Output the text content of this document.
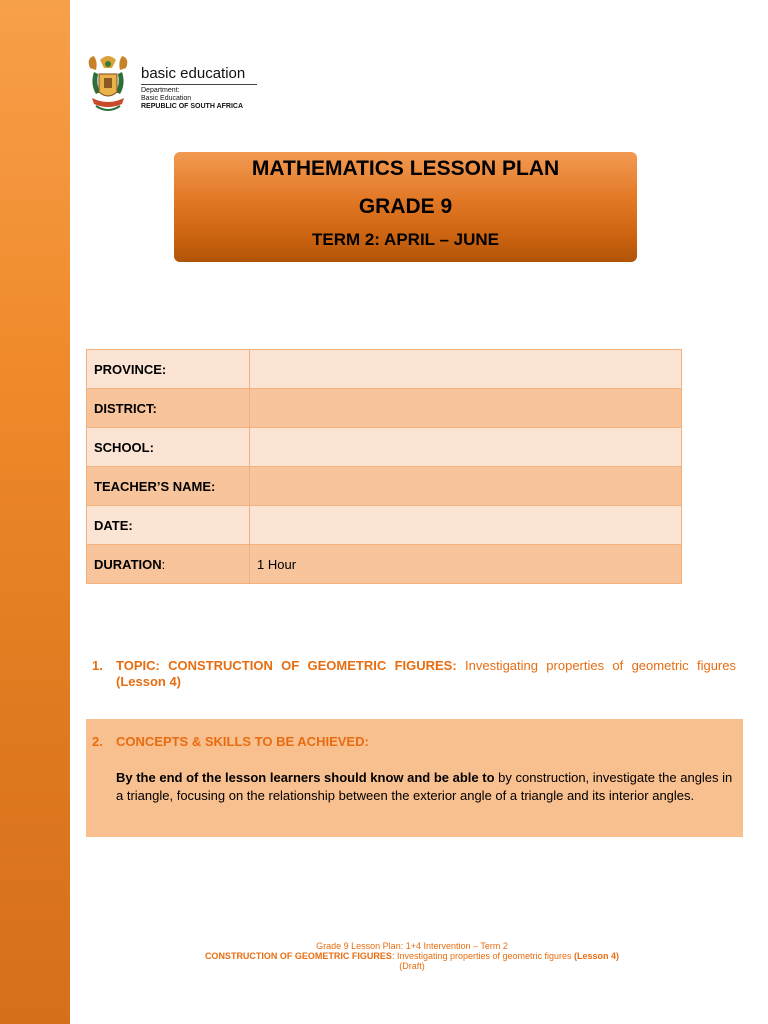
basic education
Department:
Basic Education
REPUBLIC OF SOUTH AFRICA
MATHEMATICS LESSON PLAN
GRADE 9
TERM 2: APRIL – JUNE
PROVINCE:	
DISTRICT:	
SCHOOL:	
TEACHER’S NAME:	
DATE:	
DURATION:	1 Hour
1. TOPIC: CONSTRUCTION OF GEOMETRIC FIGURES: Investigating properties of geometric figures (Lesson 4)
2. CONCEPTS & SKILLS TO BE ACHIEVED:
By the end of the lesson learners should know and be able to by construction, investigate the angles in a triangle, focusing on the relationship between the exterior angle of a triangle and its interior angles.
Grade 9 Lesson Plan: 1+4 Intervention – Term 2
CONSTRUCTION OF GEOMETRIC FIGURES: Investigating properties of geometric figures (Lesson 4)
(Draft)
